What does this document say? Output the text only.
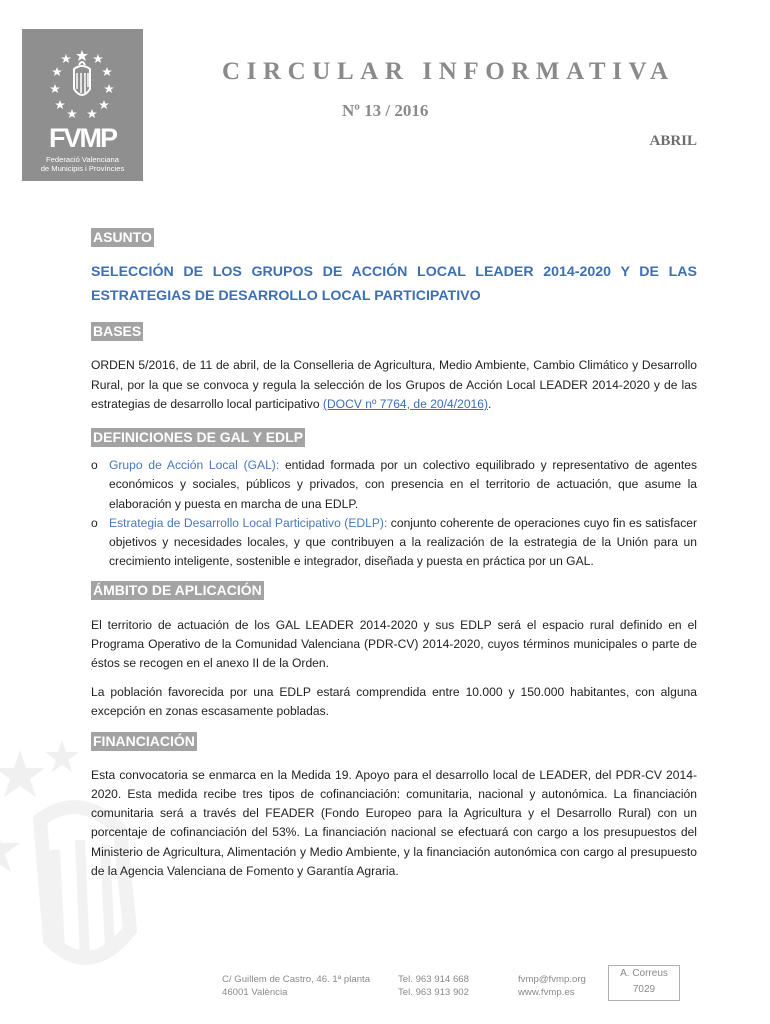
FVMP
Federació Valenciana
de Municipis i Províncies
CIRCULAR INFORMATIVA
Nº 13 / 2016
ABRIL
ASUNTO
SELECCIÓN DE LOS GRUPOS DE ACCIÓN LOCAL LEADER 2014-2020 Y DE LAS ESTRATEGIAS DE DESARROLLO LOCAL PARTICIPATIVO
BASES

ORDEN 5/2016, de 11 de abril, de la Conselleria de Agricultura, Medio Ambiente, Cambio Climático y Desarrollo Rural, por la que se convoca y regula la selección de los Grupos de Acción Local LEADER 2014-2020 y de las estrategias de desarrollo local participativo (DOCV nº 7764, de 20/4/2016).

DEFINICIONES DE GAL Y EDLP
o Grupo de Acción Local (GAL): entidad formada por un colectivo equilibrado y representativo de agentes económicos y sociales, públicos y privados, con presencia en el territorio de actuación, que asume la elaboración y puesta en marcha de una EDLP.
o Estrategia de Desarrollo Local Participativo (EDLP): conjunto coherente de operaciones cuyo fin es satisfacer objetivos y necesidades locales, y que contribuyen a la realización de la estrategia de la Unión para un crecimiento inteligente, sostenible e integrador, diseñada y puesta en práctica por un GAL.
ÁMBITO DE APLICACIÓN

El territorio de actuación de los GAL LEADER 2014-2020 y sus EDLP será el espacio rural definido en el Programa Operativo de la Comunidad Valenciana (PDR-CV) 2014-2020, cuyos términos municipales o parte de éstos se recogen en el anexo II de la Orden.

La población favorecida por una EDLP estará comprendida entre 10.000 y 150.000 habitantes, con alguna excepción en zonas escasamente pobladas.

FINANCIACIÓN

Esta convocatoria se enmarca en la Medida 19. Apoyo para el desarrollo local de LEADER, del PDR-CV 2014-2020. Esta medida recibe tres tipos de cofinanciación: comunitaria, nacional y autonómica. La financiación comunitaria será a través del FEADER (Fondo Europeo para la Agricultura y el Desarrollo Rural) con un porcentaje de cofinanciación del 53%. La financiación nacional se efectuará con cargo a los presupuestos del Ministerio de Agricultura, Alimentación y Medio Ambiente, y la financiación autonómica con cargo al presupuesto de la Agencia Valenciana de Fomento y Garantía Agraria.

C/ Guillem de Castro, 46. 1ª planta
46001 València
Tel. 963 914 668
Tel. 963 913 902
fvmp@fvmp.org
www.fvmp.es
A. Correus
7029
